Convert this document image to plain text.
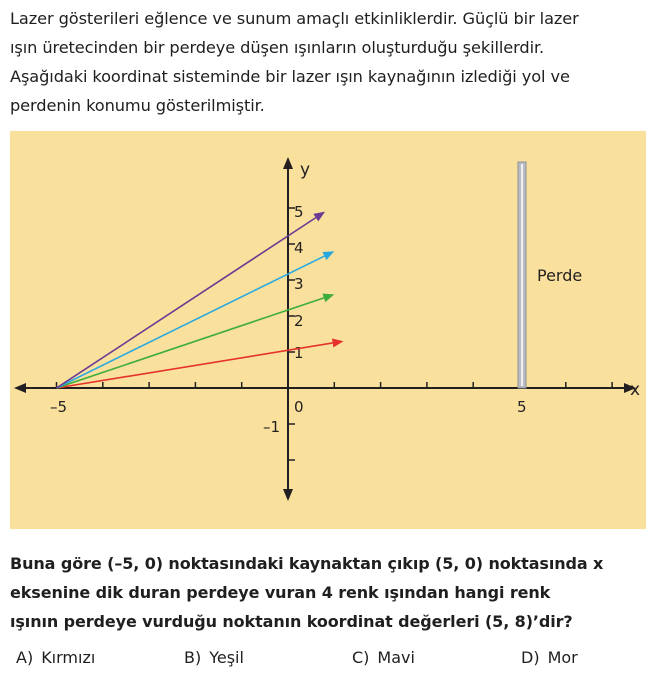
Lazer gösterileri eğlence ve sunum amaçlı etkinliklerdir. Güçlü bir lazer

ışın üretecinden bir perdeye düşen ışınların oluşturduğu şekillerdir.

Aşağıdaki koordinat sisteminde bir lazer ışın kaynağının izlediği yol ve

perdenin konumu gösterilmiştir.

x
y
–5	0	5
–1
1
2
3
4
5
Perde

Buna göre (–5, 0) noktasındaki kaynaktan çıkıp (5, 0) noktasında x

eksenine dik duran perdeye vuran 4 renk ışından hangi renk

ışının perdeye vurduğu noktanın koordinat değerleri (5, 8)’dir?

A) Kırmızı	B) Yeşil	C) Mavi	D) Mor
